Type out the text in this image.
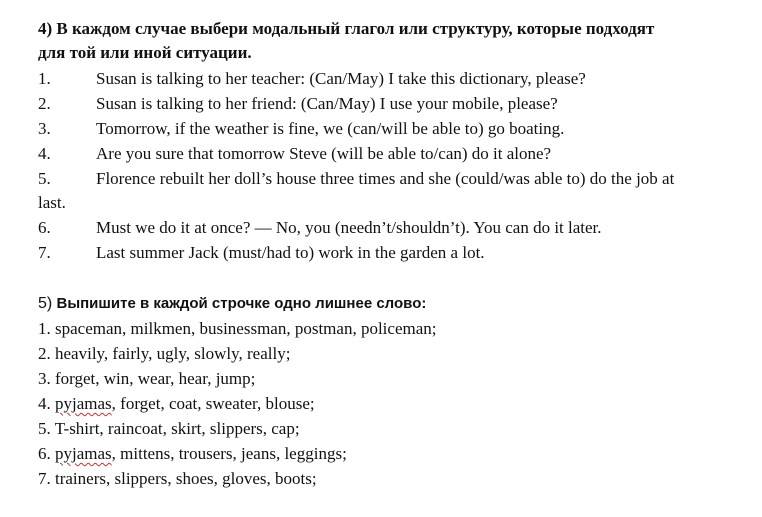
4) В каждом случае выбери модальный глагол или структуру, которые подходят
для той или иной ситуации.
1.	Susan is talking to her teacher: (Can/May) I take this dictionary, please?
2.	Susan is talking to her friend: (Can/May) I use your mobile, please?
3.	Tomorrow, if the weather is fine, we (can/will be able to) go boating.
4.	Are you sure that tomorrow Steve (will be able to/can) do it alone?
5.	Florence rebuilt her doll’s house three times and she (could/was able to) do the job at
last.
6.	Must we do it at once? — No, you (needn’t/shouldn’t). You can do it later.
7.	Last summer Jack (must/had to) work in the garden a lot.
5) Выпишите в каждой строчке одно лишнее слово:
1. spaceman, milkmen, businessman, postman, policeman;
2. heavily, fairly, ugly, slowly, really;
3. forget, win, wear, hear, jump;
4. pyjamas, forget, coat, sweater, blouse;
5. T-shirt, raincoat, skirt, slippers, cap;
6. pyjamas, mittens, trousers, jeans, leggings;
7. trainers, slippers, shoes, gloves, boots;
